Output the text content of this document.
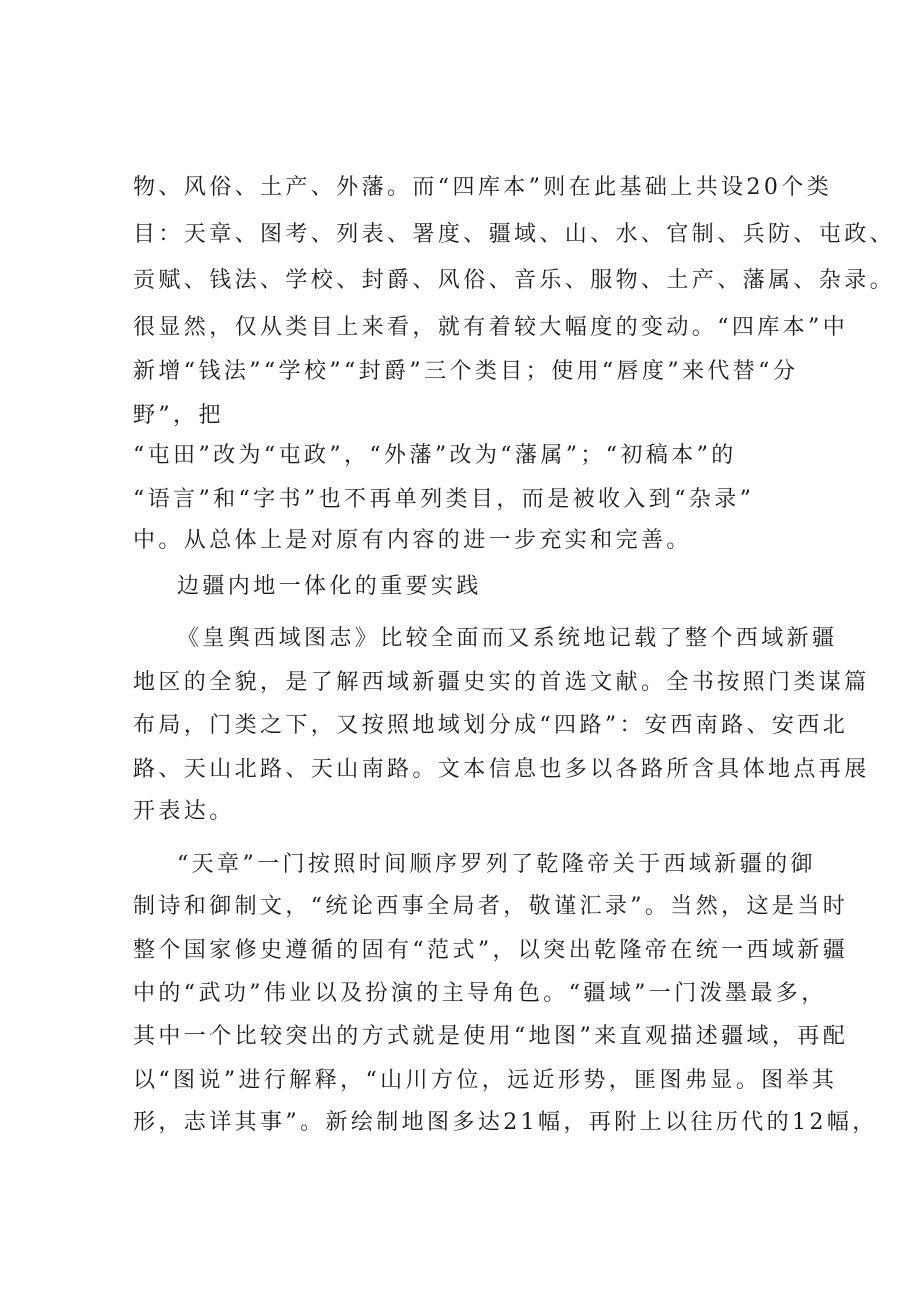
物、风俗、土产、外藩。而“四库本”则在此基础上共设20个类

目：天章、图考、列表、署度、疆域、山、水、官制、兵防、屯政、

贡赋、钱法、学校、封爵、风俗、音乐、服物、土产、藩属、杂录。

很显然，仅从类目上来看，就有着较大幅度的变动。“四库本”中

新增“钱法”“学校”“封爵”三个类目；使用“唇度”来代替“分

野”，把

“屯田”改为“屯政”，“外藩”改为“藩属”；“初稿本”的

“语言”和“字书”也不再单列类目，而是被收入到“杂录”

中。从总体上是对原有内容的进一步充实和完善。

边疆内地一体化的重要实践

《皇舆西域图志》比较全面而又系统地记载了整个西域新疆

地区的全貌，是了解西域新疆史实的首选文献。全书按照门类谋篇

布局，门类之下，又按照地域划分成“四路”：安西南路、安西北

路、天山北路、天山南路。文本信息也多以各路所含具体地点再展

开表达。

“天章”一门按照时间顺序罗列了乾隆帝关于西域新疆的御

制诗和御制文，“统论西事全局者，敬谨汇录”。当然，这是当时

整个国家修史遵循的固有“范式”，以突出乾隆帝在统一西域新疆

中的“武功”伟业以及扮演的主导角色。“疆域”一门泼墨最多，

其中一个比较突出的方式就是使用“地图”来直观描述疆域，再配

以“图说”进行解释，“山川方位，远近形势，匪图弗显。图举其

形，志详其事”。新绘制地图多达21幅，再附上以往历代的12幅，
